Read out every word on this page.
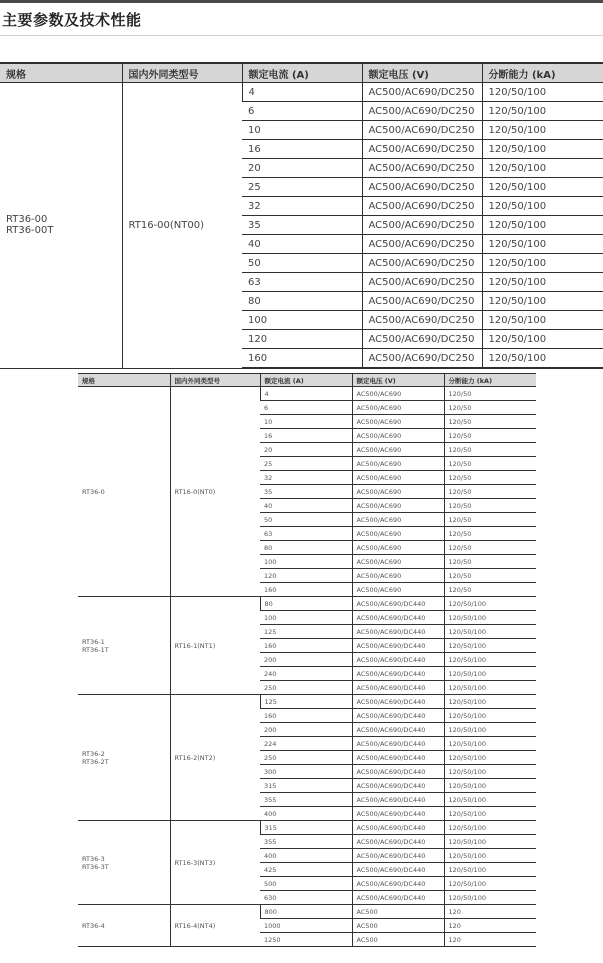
主要参数及技术性能
规格	国内外同类型号	额定电流 (A)	额定电压 (V)	分断能力 (kA)
RT36-00
RT36-00T	RT16-00(NT00)	4	AC500/AC690/DC250	120/50/100
		6	AC500/AC690/DC250	120/50/100
		10	AC500/AC690/DC250	120/50/100
		16	AC500/AC690/DC250	120/50/100
		20	AC500/AC690/DC250	120/50/100
		25	AC500/AC690/DC250	120/50/100
		32	AC500/AC690/DC250	120/50/100
		35	AC500/AC690/DC250	120/50/100
		40	AC500/AC690/DC250	120/50/100
		50	AC500/AC690/DC250	120/50/100
		63	AC500/AC690/DC250	120/50/100
		80	AC500/AC690/DC250	120/50/100
		100	AC500/AC690/DC250	120/50/100
		120	AC500/AC690/DC250	120/50/100
		160	AC500/AC690/DC250	120/50/100
规格	国内外同类型号	额定电流 (A)	额定电压 (V)	分断能力 (kA)
RT36-0	RT16-0(NT0)	4	AC500/AC690	120/50
		6	AC500/AC690	120/50
		10	AC500/AC690	120/50
		16	AC500/AC690	120/50
		20	AC500/AC690	120/50
		25	AC500/AC690	120/50
		32	AC500/AC690	120/50
		35	AC500/AC690	120/50
		40	AC500/AC690	120/50
		50	AC500/AC690	120/50
		63	AC500/AC690	120/50
		80	AC500/AC690	120/50
		100	AC500/AC690	120/50
		120	AC500/AC690	120/50
		160	AC500/AC690	120/50
RT36-1
RT36-1T	RT16-1(NT1)	80	AC500/AC690/DC440	120/50/100
		100	AC500/AC690/DC440	120/50/100
		125	AC500/AC690/DC440	120/50/100
		160	AC500/AC690/DC440	120/50/100
		200	AC500/AC690/DC440	120/50/100
		240	AC500/AC690/DC440	120/50/100
		250	AC500/AC690/DC440	120/50/100
RT36-2
RT36-2T	RT16-2(NT2)	125	AC500/AC690/DC440	120/50/100
		160	AC500/AC690/DC440	120/50/100
		200	AC500/AC690/DC440	120/50/100
		224	AC500/AC690/DC440	120/50/100
		250	AC500/AC690/DC440	120/50/100
		300	AC500/AC690/DC440	120/50/100
		315	AC500/AC690/DC440	120/50/100
		355	AC500/AC690/DC440	120/50/100
		400	AC500/AC690/DC440	120/50/100
RT36-3
RT36-3T	RT16-3(NT3)	315	AC500/AC690/DC440	120/50/100
		355	AC500/AC690/DC440	120/50/100
		400	AC500/AC690/DC440	120/50/100
		425	AC500/AC690/DC440	120/50/100
		500	AC500/AC690/DC440	120/50/100
		630	AC500/AC690/DC440	120/50/100
RT36-4	RT16-4(NT4)	800	AC500	120
		1000	AC500	120
		1250	AC500	120
